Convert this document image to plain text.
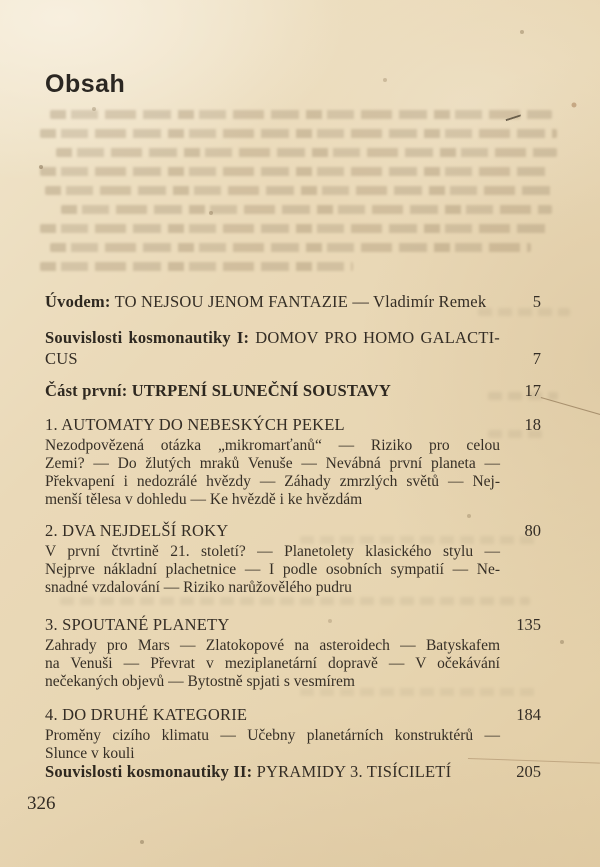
Obsah
Úvodem: TO NEJSOU JENOM FANTAZIE — Vladimír Remek	5
Souvislosti kosmonautiky I: DOMOV PRO HOMO GALACTI-
CUS	7
Část první: UTRPENÍ SLUNEČNÍ SOUSTAVY	17
1. AUTOMATY DO NEBESKÝCH PEKEL	18
Nezodpovězená otázka „mikromarťanů“ — Riziko pro celou
Zemi? — Do žlutých mraků Venuše — Nevábná první planeta —
Překvapení i nedozrálé hvězdy — Záhady zmrzlých světů — Nej-
menší tělesa v dohledu — Ke hvězdě i ke hvězdám
2. DVA NEJDELŠÍ ROKY	80
V první čtvrtině 21. století? — Planetolety klasického stylu —
Nejprve nákladní plachetnice — I podle osobních sympatií — Ne-
snadné vzdalování — Riziko narůžovělého pudru
3. SPOUTANÉ PLANETY	135
Zahrady pro Mars — Zlatokopové na asteroidech — Batyskafem
na Venuši — Převrat v meziplanetární dopravě — V očekávání
nečekaných objevů — Bytostně spjati s vesmírem
4. DO DRUHÉ KATEGORIE	184
Proměny cizího klimatu — Učebny planetárních konstruktérů —
Slunce v kouli
Souvislosti kosmonautiky II: PYRAMIDY 3. TISÍCILETÍ	205
326
